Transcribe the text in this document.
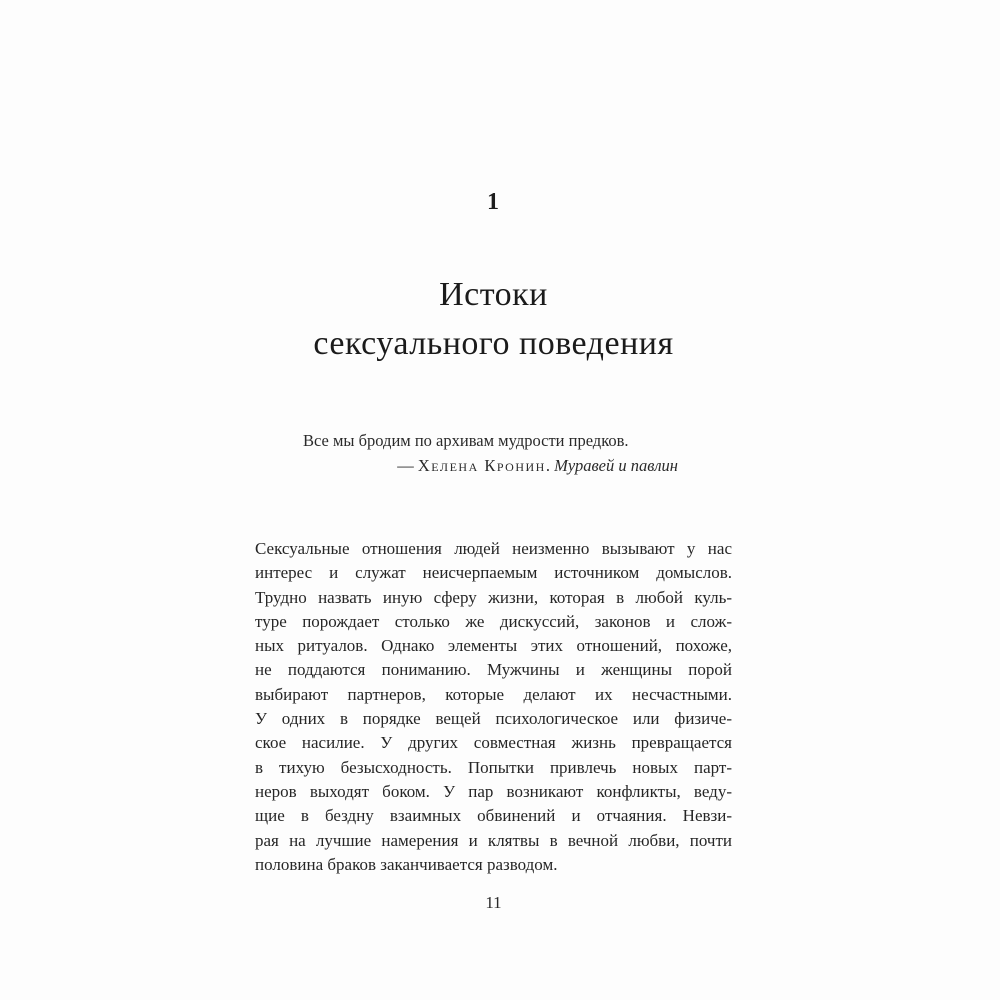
1
Истоки
сексуального поведения
Все мы бродим по архивам мудрости предков.
— Хелена Кронин. Муравей и павлин
Сексуальные отношения людей неизменно вызывают у нас
интерес и служат неисчерпаемым источником домыслов.
Трудно назвать иную сферу жизни, которая в любой куль-
туре порождает столько же дискуссий, законов и слож-
ных ритуалов. Однако элементы этих отношений, похоже,
не поддаются пониманию. Мужчины и женщины порой
выбирают партнеров, которые делают их несчастными.
У одних в порядке вещей психологическое или физиче-
ское насилие. У других совместная жизнь превращается
в тихую безысходность. Попытки привлечь новых парт-
неров выходят боком. У пар возникают конфликты, веду-
щие в бездну взаимных обвинений и отчаяния. Невзи-
рая на лучшие намерения и клятвы в вечной любви, почти
половина браков заканчивается разводом.
11
